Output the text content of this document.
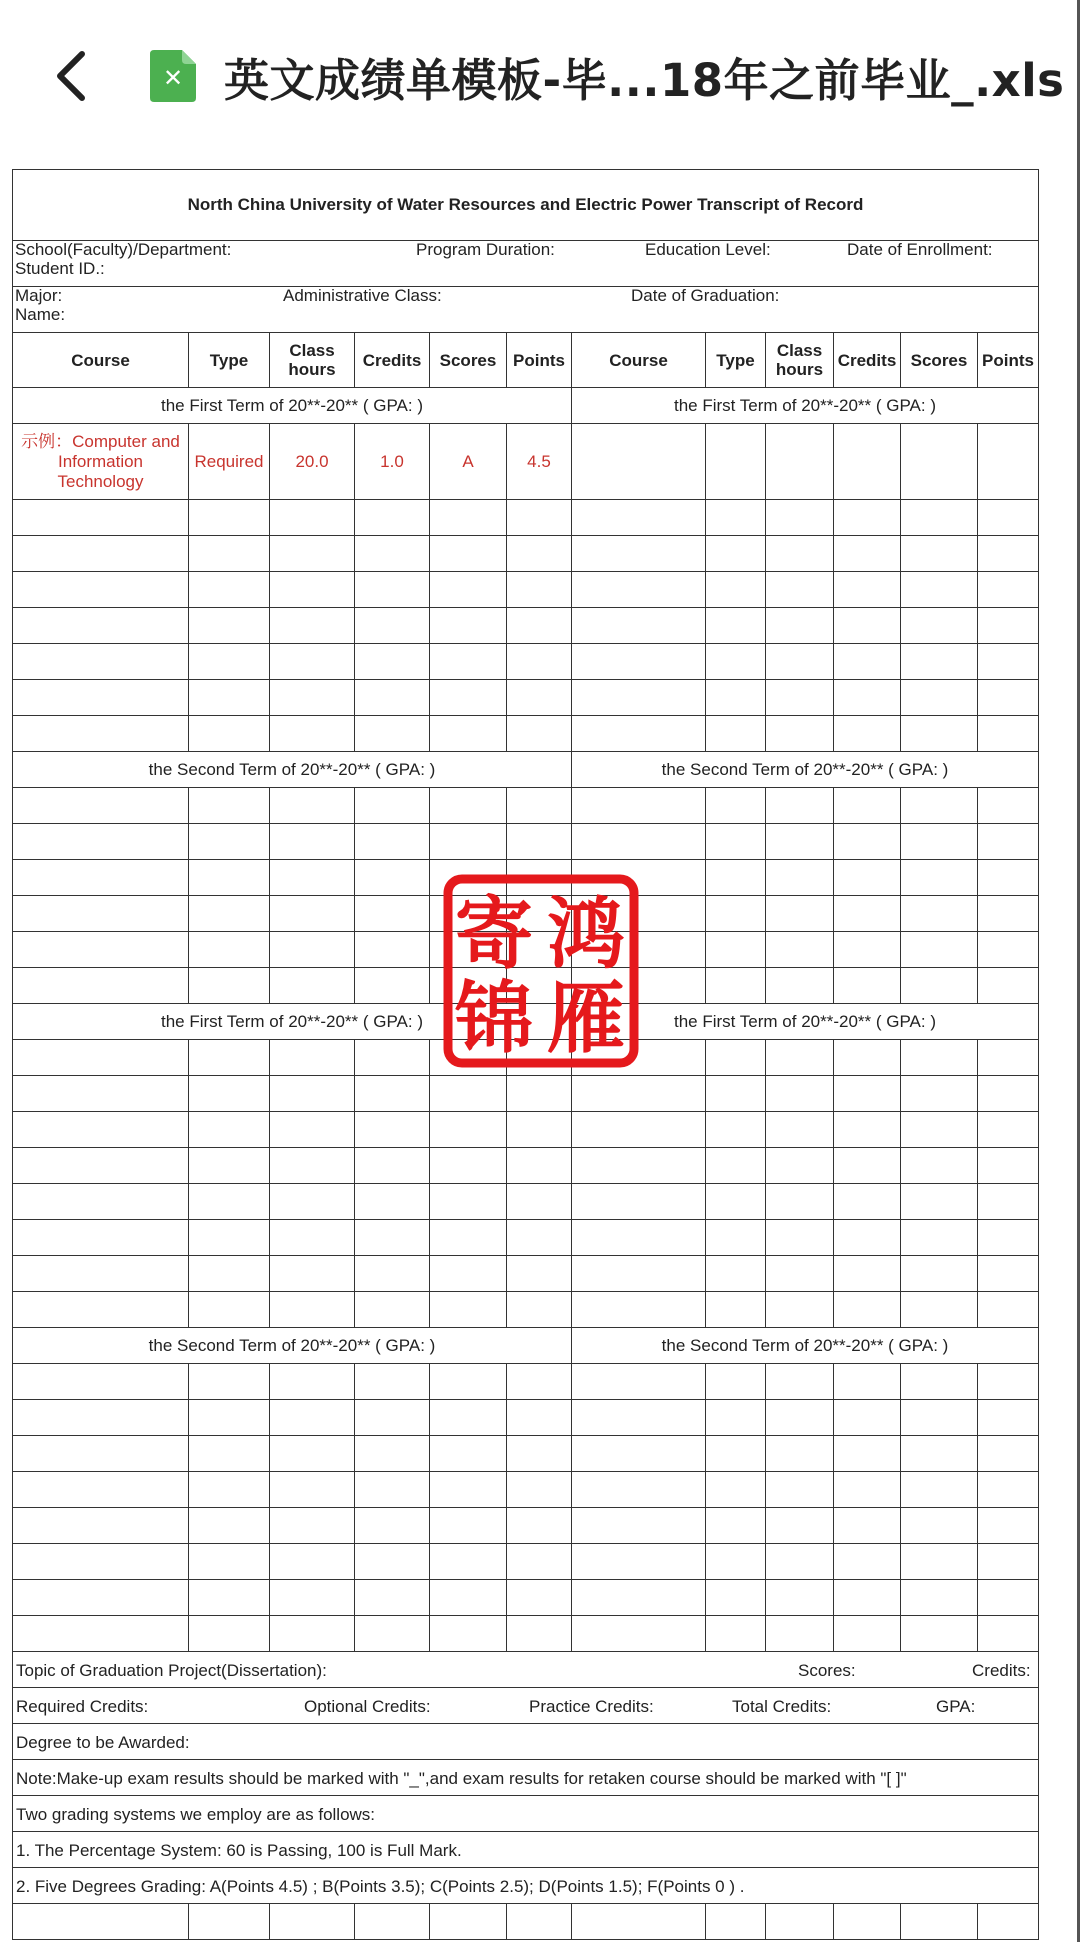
✕ 英文成绩单模板-毕...18年之前毕业_.xls
North China University of Water Resources and Electric Power Transcript of Record											

School(Faculty)/Department: Program Duration: Education Level: Date of Enrollment:
Student ID.:											

Major: Administrative Class: Date of Graduation:
Name:											

Course	Type	Class hours	Credits	Scores	Points	Course	Type	Class hours	Credits	Scores	Points
the First Term of 20**-20** ( GPA: )						the First Term of 20**-20** ( GPA: )					
示例：Computer and Information Technology	Required	20.0	1.0	A	4.5						

the Second Term of 20**-20** ( GPA: )						the Second Term of 20**-20** ( GPA: )					

the First Term of 20**-20** ( GPA: )						the First Term of 20**-20** ( GPA: )					

the Second Term of 20**-20** ( GPA: )						the Second Term of 20**-20** ( GPA: )					

Topic of Graduation Project(Dissertation): Scores: Credits:											

Required Credits: Optional Credits: Practice Credits: Total Credits: GPA:											

Degree to be Awarded:											

Note:Make-up exam results should be marked with "_",and exam results for retaken course should be marked with "[ ]"											

Two grading systems we employ are as follows:											

1. The Percentage System: 60 is Passing, 100 is Full Mark.											

2. Five Degrees Grading: A(Points 4.5) ; B(Points 3.5); C(Points 2.5); D(Points 1.5); F(Points 0 ) .											

寄 鸿
锦 雁
